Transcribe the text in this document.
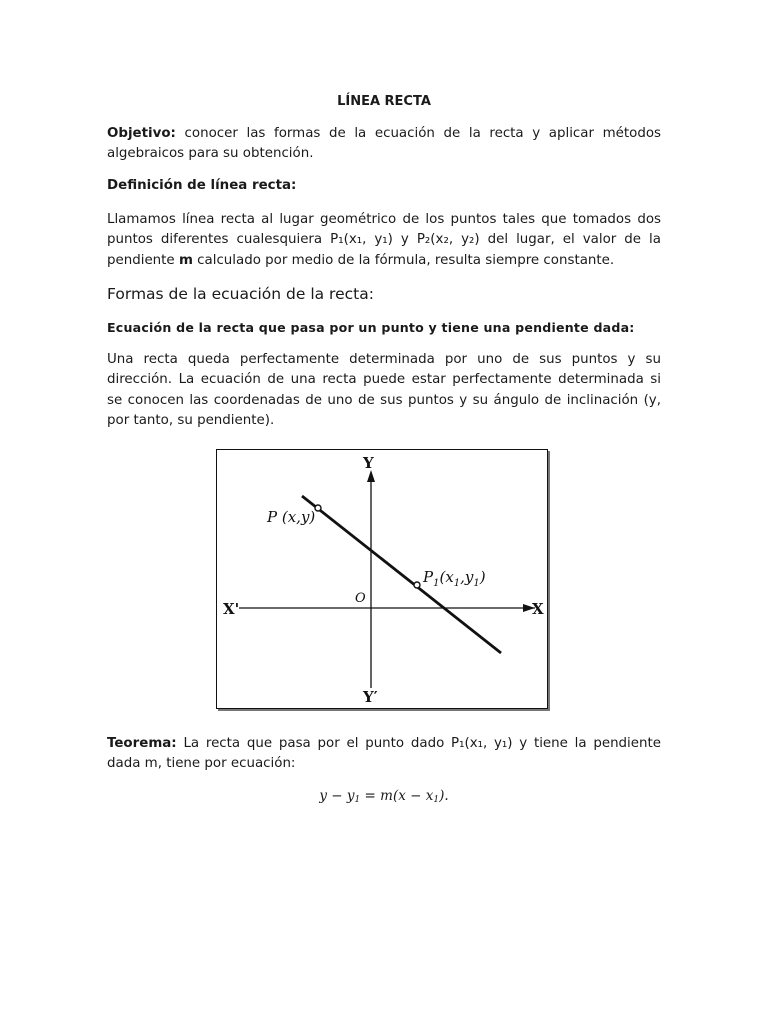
LÍNEA RECTA
Objetivo: conocer las formas de la ecuación de la recta y aplicar métodos
algebraicos para su obtención.
Definición de línea recta:
Llamamos línea recta al lugar geométrico de los puntos tales que tomados dos
puntos diferentes cualesquiera P₁(x₁, y₁) y P₂(x₂, y₂) del lugar, el valor de la
pendiente m calculado por medio de la fórmula, resulta siempre constante.
Formas de la ecuación de la recta:
Ecuación de la recta que pasa por un punto y tiene una pendiente dada:
Una recta queda perfectamente determinada por uno de sus puntos y su
dirección. La ecuación de una recta puede estar perfectamente determinada si
se conocen las coordenadas de uno de sus puntos y su ángulo de inclinación (y,
por tanto, su pendiente).
Teorema: La recta que pasa por el punto dado P₁(x₁, y₁) y tiene la pendiente
dada m, tiene por ecuación:
$y - y_1 = m(x - x_1)$.
Y
Y′
X
X'
O
P (x,y)
$P_1(x_1,y_1)$
